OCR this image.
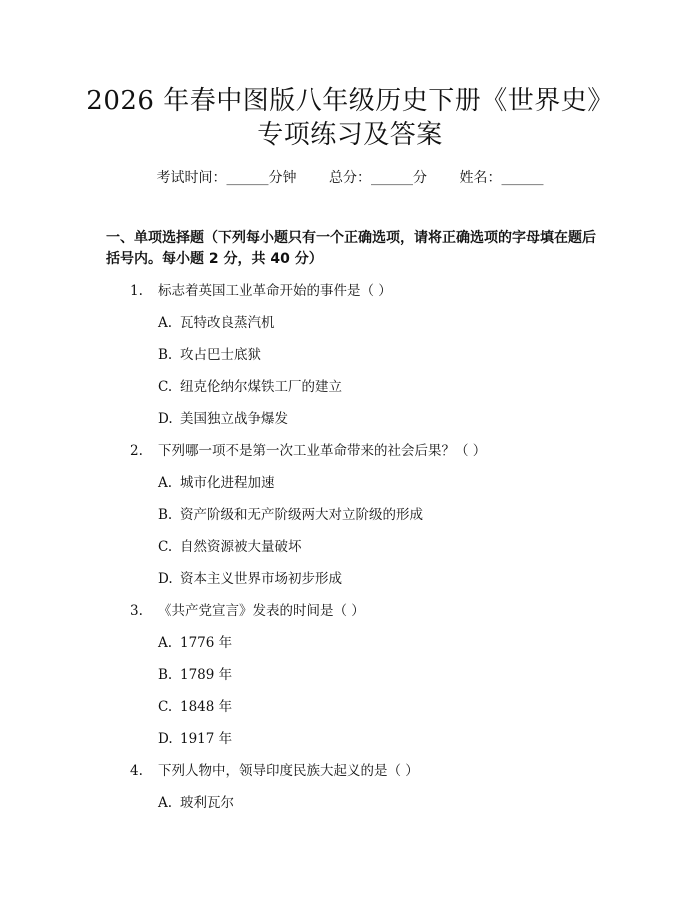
2026 年春中图版八年级历史下册《世界史》
专项练习及答案
考试时间：______分钟 总分：______分 姓名：______
一、单项选择题（下列每小题只有一个正确选项，请将正确选项的字母填在题后
括号内。每小题 2 分，共 40 分）
1. 标志着英国工业革命开始的事件是（ ）
A. 瓦特改良蒸汽机
B. 攻占巴士底狱
C. 纽克伦纳尔煤铁工厂的建立
D. 美国独立战争爆发
2. 下列哪一项不是第一次工业革命带来的社会后果？（ ）
A. 城市化进程加速
B. 资产阶级和无产阶级两大对立阶级的形成
C. 自然资源被大量破坏
D. 资本主义世界市场初步形成
3. 《共产党宣言》发表的时间是（ ）
A. 1776 年
B. 1789 年
C. 1848 年
D. 1917 年
4. 下列人物中，领导印度民族大起义的是（ ）
A. 玻利瓦尔
